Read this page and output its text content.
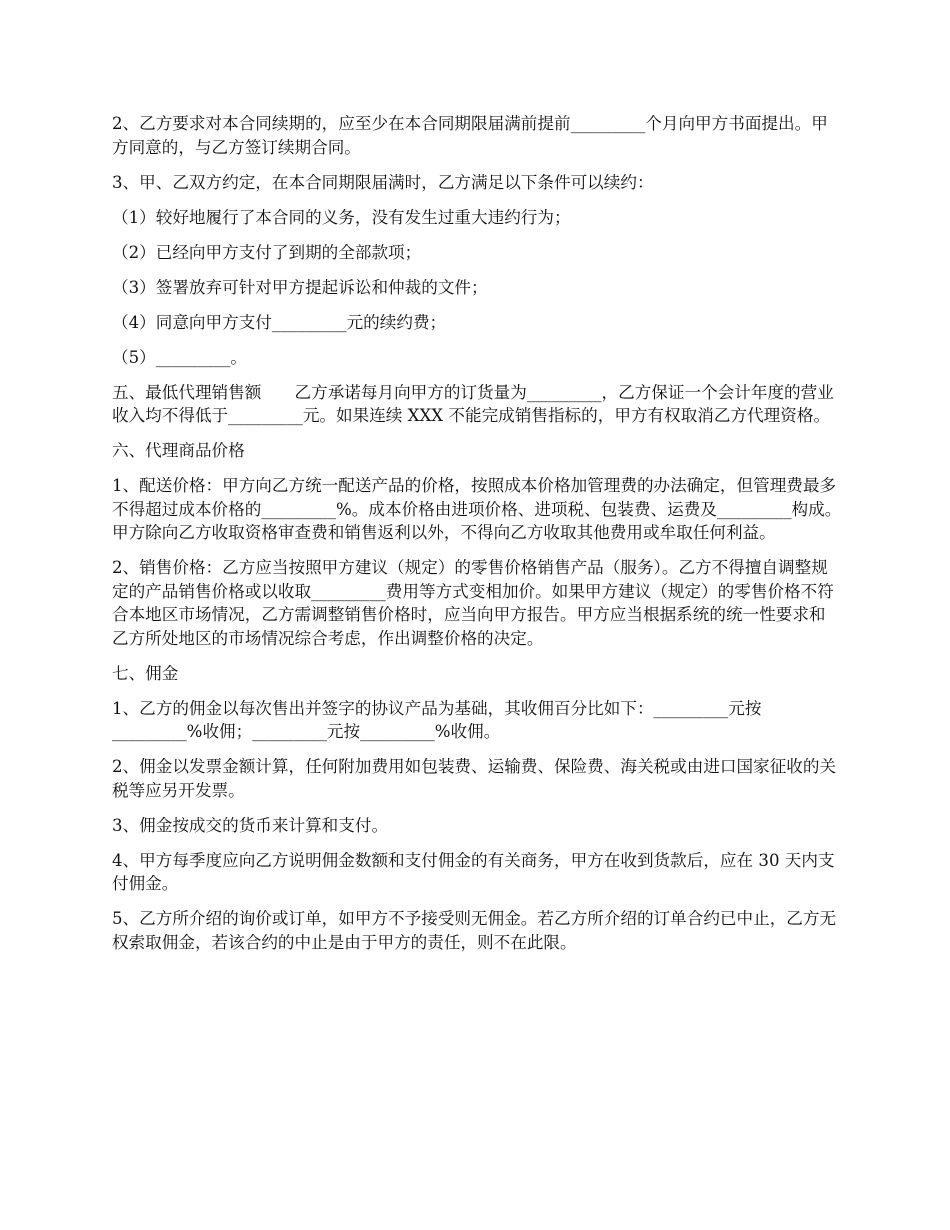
2、乙方要求对本合同续期的，应至少在本合同期限届满前提前_________个月向甲方书面提出。甲方同意的，与乙方签订续期合同。

3、甲、乙双方约定，在本合同期限届满时，乙方满足以下条件可以续约：

（1）较好地履行了本合同的义务，没有发生过重大违约行为；

（2）已经向甲方支付了到期的全部款项；

（3）签署放弃可针对甲方提起诉讼和仲裁的文件；

（4）同意向甲方支付_________元的续约费；

（5）_________。

五、最低代理销售额　　乙方承诺每月向甲方的订货量为_________，乙方保证一个会计年度的营业收入均不得低于_________元。如果连续 XXX 不能完成销售指标的，甲方有权取消乙方代理资格。

六、代理商品价格

1、配送价格：甲方向乙方统一配送产品的价格，按照成本价格加管理费的办法确定，但管理费最多不得超过成本价格的_________%。成本价格由进项价格、进项税、包装费、运费及_________构成。甲方除向乙方收取资格审查费和销售返利以外，不得向乙方收取其他费用或牟取任何利益。

2、销售价格：乙方应当按照甲方建议（规定）的零售价格销售产品（服务）。乙方不得擅自调整规定的产品销售价格或以收取_________费用等方式变相加价。如果甲方建议（规定）的零售价格不符合本地区市场情况，乙方需调整销售价格时，应当向甲方报告。甲方应当根据系统的统一性要求和乙方所处地区的市场情况综合考虑，作出调整价格的决定。

七、佣金

1、乙方的佣金以每次售出并签字的协议产品为基础，其收佣百分比如下：_________元按_________%收佣；_________元按_________%收佣。

2、佣金以发票金额计算，任何附加费用如包装费、运输费、保险费、海关税或由进口国家征收的关税等应另开发票。

3、佣金按成交的货币来计算和支付。

4、甲方每季度应向乙方说明佣金数额和支付佣金的有关商务，甲方在收到货款后，应在 30 天内支付佣金。

5、乙方所介绍的询价或订单，如甲方不予接受则无佣金。若乙方所介绍的订单合约已中止，乙方无权索取佣金，若该合约的中止是由于甲方的责任，则不在此限。
